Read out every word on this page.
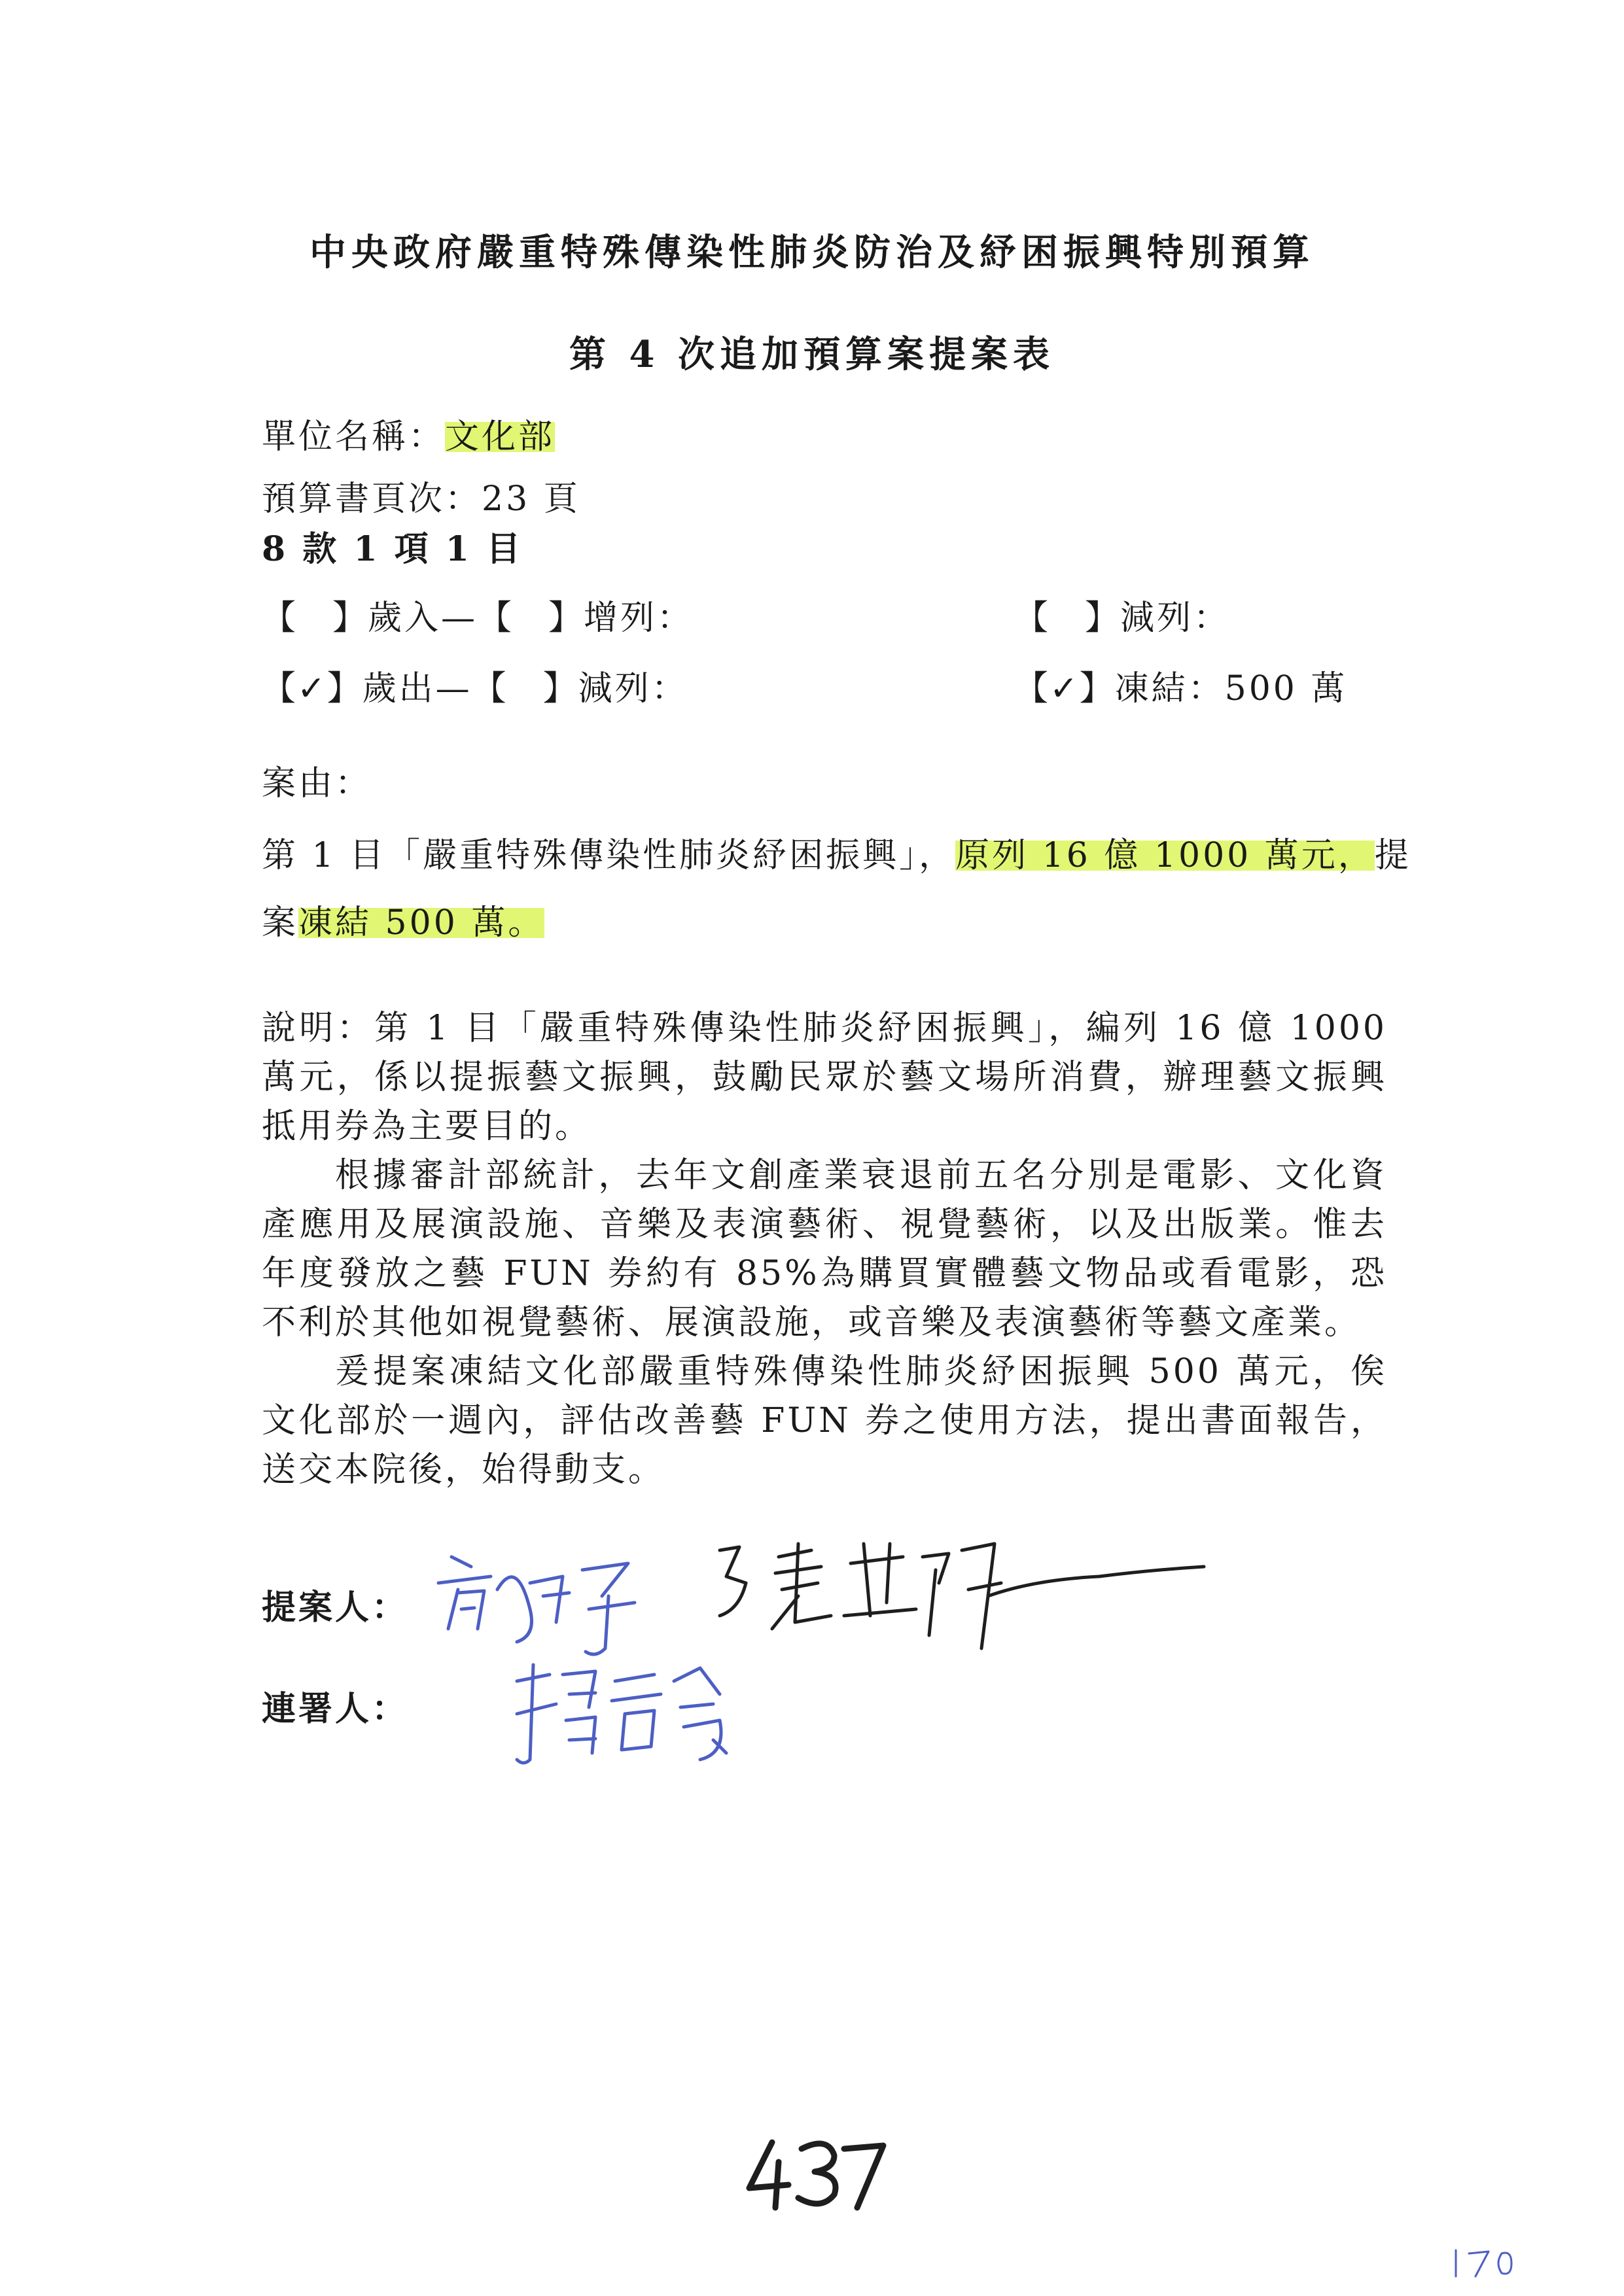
中央政府嚴重特殊傳染性肺炎防治及紓困振興特別預算
第 4 次追加預算案提案表
單位名稱：文化部
預算書頁次：23 頁
8 款 1 項 1 目
【　】歲入—【　】增列：	【　】減列：
【✓】歲出—【　】減列：	【✓】凍結：500 萬
案由：
第 1 目「嚴重特殊傳染性肺炎紓困振興」，原列 16 億 1000 萬元，提
案凍結 500 萬。
說明：第 1 目「嚴重特殊傳染性肺炎紓困振興」，編列 16 億 1000 萬元，係以提振藝文振興，鼓勵民眾於藝文場所消費，辦理藝文振興抵用券為主要目的。
根據審計部統計，去年文創產業衰退前五名分別是電影、文化資產應用及展演設施、音樂及表演藝術、視覺藝術，以及出版業。惟去年度發放之藝 FUN 券約有 85%為購買實體藝文物品或看電影，恐不利於其他如視覺藝術、展演設施，或音樂及表演藝術等藝文產業。
爰提案凍結文化部嚴重特殊傳染性肺炎紓困振興 500 萬元，俟文化部於一週內，評估改善藝 FUN 券之使用方法，提出書面報告，送交本院後，始得動支。
提案人：
連署人：
